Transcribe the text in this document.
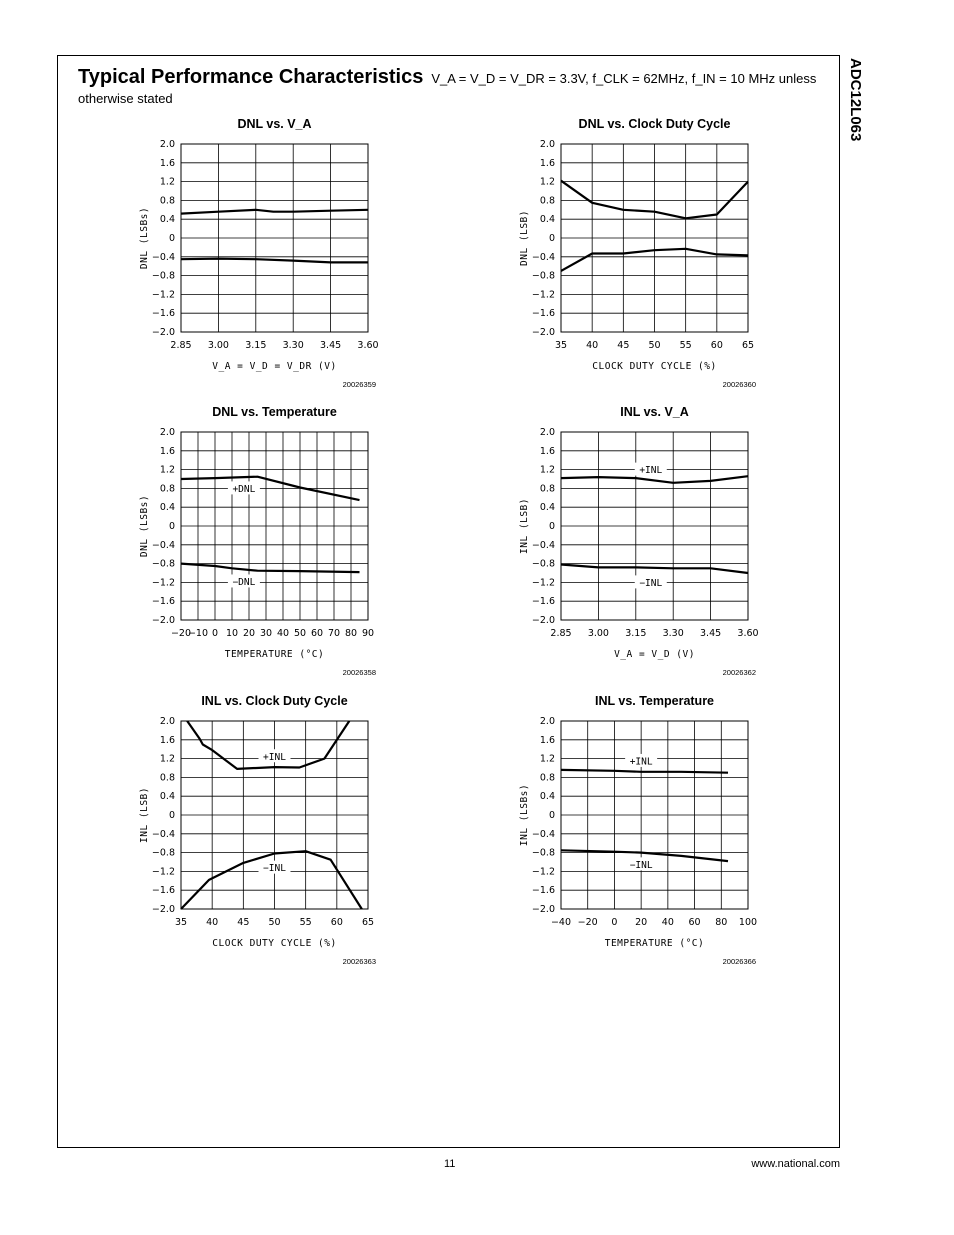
Typical Performance Characteristics V_A = V_D = V_DR = 3.3V, f_CLK = 62MHz, f_IN = 10 MHz unless
otherwise stated	ADC12L063
DNL vs. V_A
2.0
1.6
1.2
0.8
0.4
0
−0.4
−0.8
−1.2
−1.6
−2.0
2.85 3.00 3.15 3.30 3.45 3.60
V_A = V_D = V_DR (V)
DNL (LSBs)
20026359
DNL vs. Clock Duty Cycle
2.0
1.6
1.2
0.8
0.4
0
−0.4
−0.8
−1.2
−1.6
−2.0
35 40 45 50 55 60 65
CLOCK DUTY CYCLE (%)
DNL (LSB)
20026360
DNL vs. Temperature
2.0
1.6
1.2
0.8
0.4
0
−0.4
−0.8
−1.2
−1.6
−2.0
−20
−10 0 10 20 30 40 50 60 70 80 90
TEMPERATURE (°C)
DNL (LSBs)
20026358
+DNL
−DNL
INL vs. V_A
2.0
1.6
1.2
0.8
0.4
0
−0.4
−0.8
−1.2
−1.6
−2.0
2.85 3.00 3.15 3.30 3.45 3.60
V_A = V_D (V)
INL (LSB)
20026362
+INL
−INL
INL vs. Clock Duty Cycle
2.0
1.6
1.2
0.8
0.4
0
−0.4
−0.8
−1.2
−1.6
−2.0
35 40 45 50 55 60 65
CLOCK DUTY CYCLE (%)
INL (LSB)
20026363
+INL
−INL
INL vs. Temperature
2.0
1.6
1.2
0.8
0.4
0
−0.4
−0.8
−1.2
−1.6
−2.0
−40 −20 0 20 40 60 80 100
TEMPERATURE (°C)
INL (LSBs)
20026366
+INL
−INL
11	www.national.com
